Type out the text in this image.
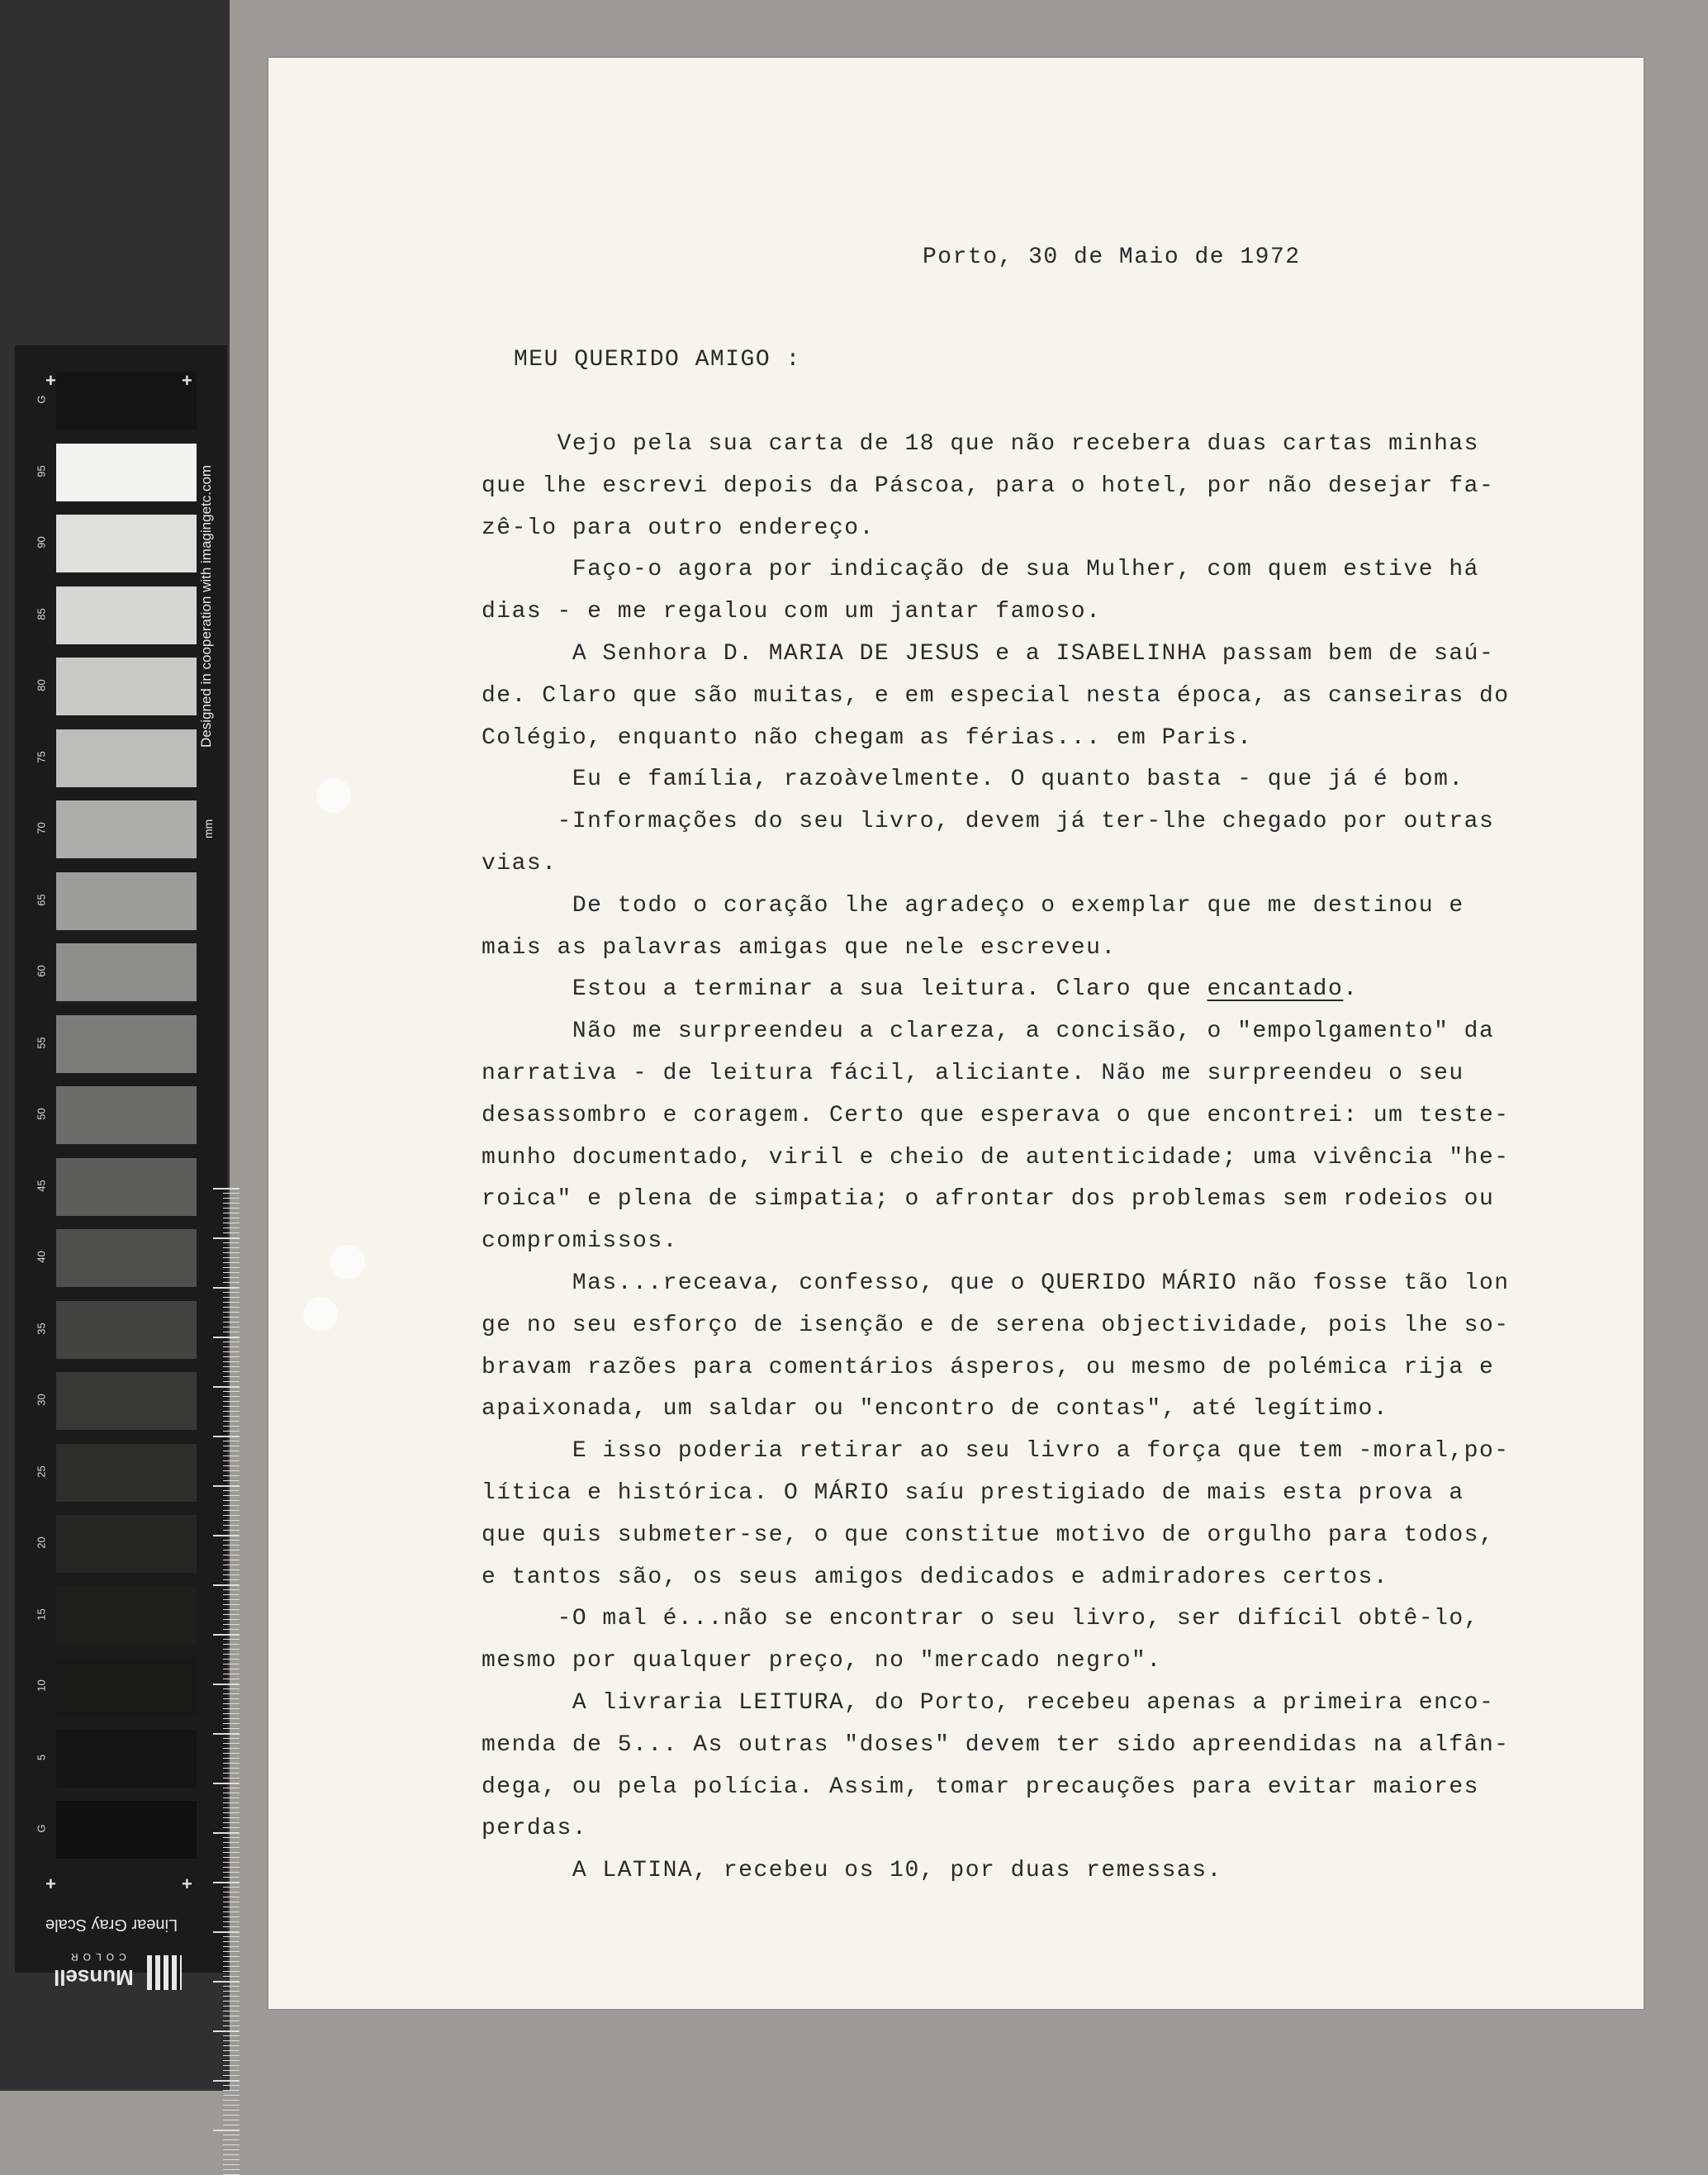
G
95
90
85
80
75
70
65
60
55
50
45
40
35
30
25
20
15
10
5
G
+	+
+	+
Designed in cooperation with imagingetc.com
mm
Linear Gray Scale
COLOR
Munsell
Porto, 30 de Maio de 1972
MEU QUERIDO AMIGO :
Vejo pela sua carta de 18 que não recebera duas cartas minhas
que lhe escrevi depois da Páscoa, para o hotel, por não desejar fa-
zê-lo para outro endereço.
Faço-o agora por indicação de sua Mulher, com quem estive há
dias - e me regalou com um jantar famoso.
A Senhora D. MARIA DE JESUS e a ISABELINHA passam bem de saú-
de. Claro que são muitas, e em especial nesta época, as canseiras do
Colégio, enquanto não chegam as férias... em Paris.
Eu e família, razoàvelmente. O quanto basta - que já é bom.
-Informações do seu livro, devem já ter-lhe chegado por outras
vias.
De todo o coração lhe agradeço o exemplar que me destinou e
mais as palavras amigas que nele escreveu.
Estou a terminar a sua leitura. Claro que encantado.
Não me surpreendeu a clareza, a concisão, o "empolgamento" da
narrativa - de leitura fácil, aliciante. Não me surpreendeu o seu
desassombro e coragem. Certo que esperava o que encontrei: um teste-
munho documentado, viril e cheio de autenticidade; uma vivência "he-
roica" e plena de simpatia; o afrontar dos problemas sem rodeios ou
compromissos.
Mas...receava, confesso, que o QUERIDO MÁRIO não fosse tão lon
ge no seu esforço de isenção e de serena objectividade, pois lhe so-
bravam razões para comentários ásperos, ou mesmo de polémica rija e
apaixonada, um saldar ou "encontro de contas", até legítimo.
E isso poderia retirar ao seu livro a força que tem -moral,po-
lítica e histórica. O MÁRIO saíu prestigiado de mais esta prova a
que quis submeter-se, o que constitue motivo de orgulho para todos,
e tantos são, os seus amigos dedicados e admiradores certos.
-O mal é...não se encontrar o seu livro, ser difícil obtê-lo,
mesmo por qualquer preço, no "mercado negro".
A livraria LEITURA, do Porto, recebeu apenas a primeira enco-
menda de 5... As outras "doses" devem ter sido apreendidas na alfân-
dega, ou pela polícia. Assim, tomar precauções para evitar maiores
perdas.
A LATINA, recebeu os 10, por duas remessas.
